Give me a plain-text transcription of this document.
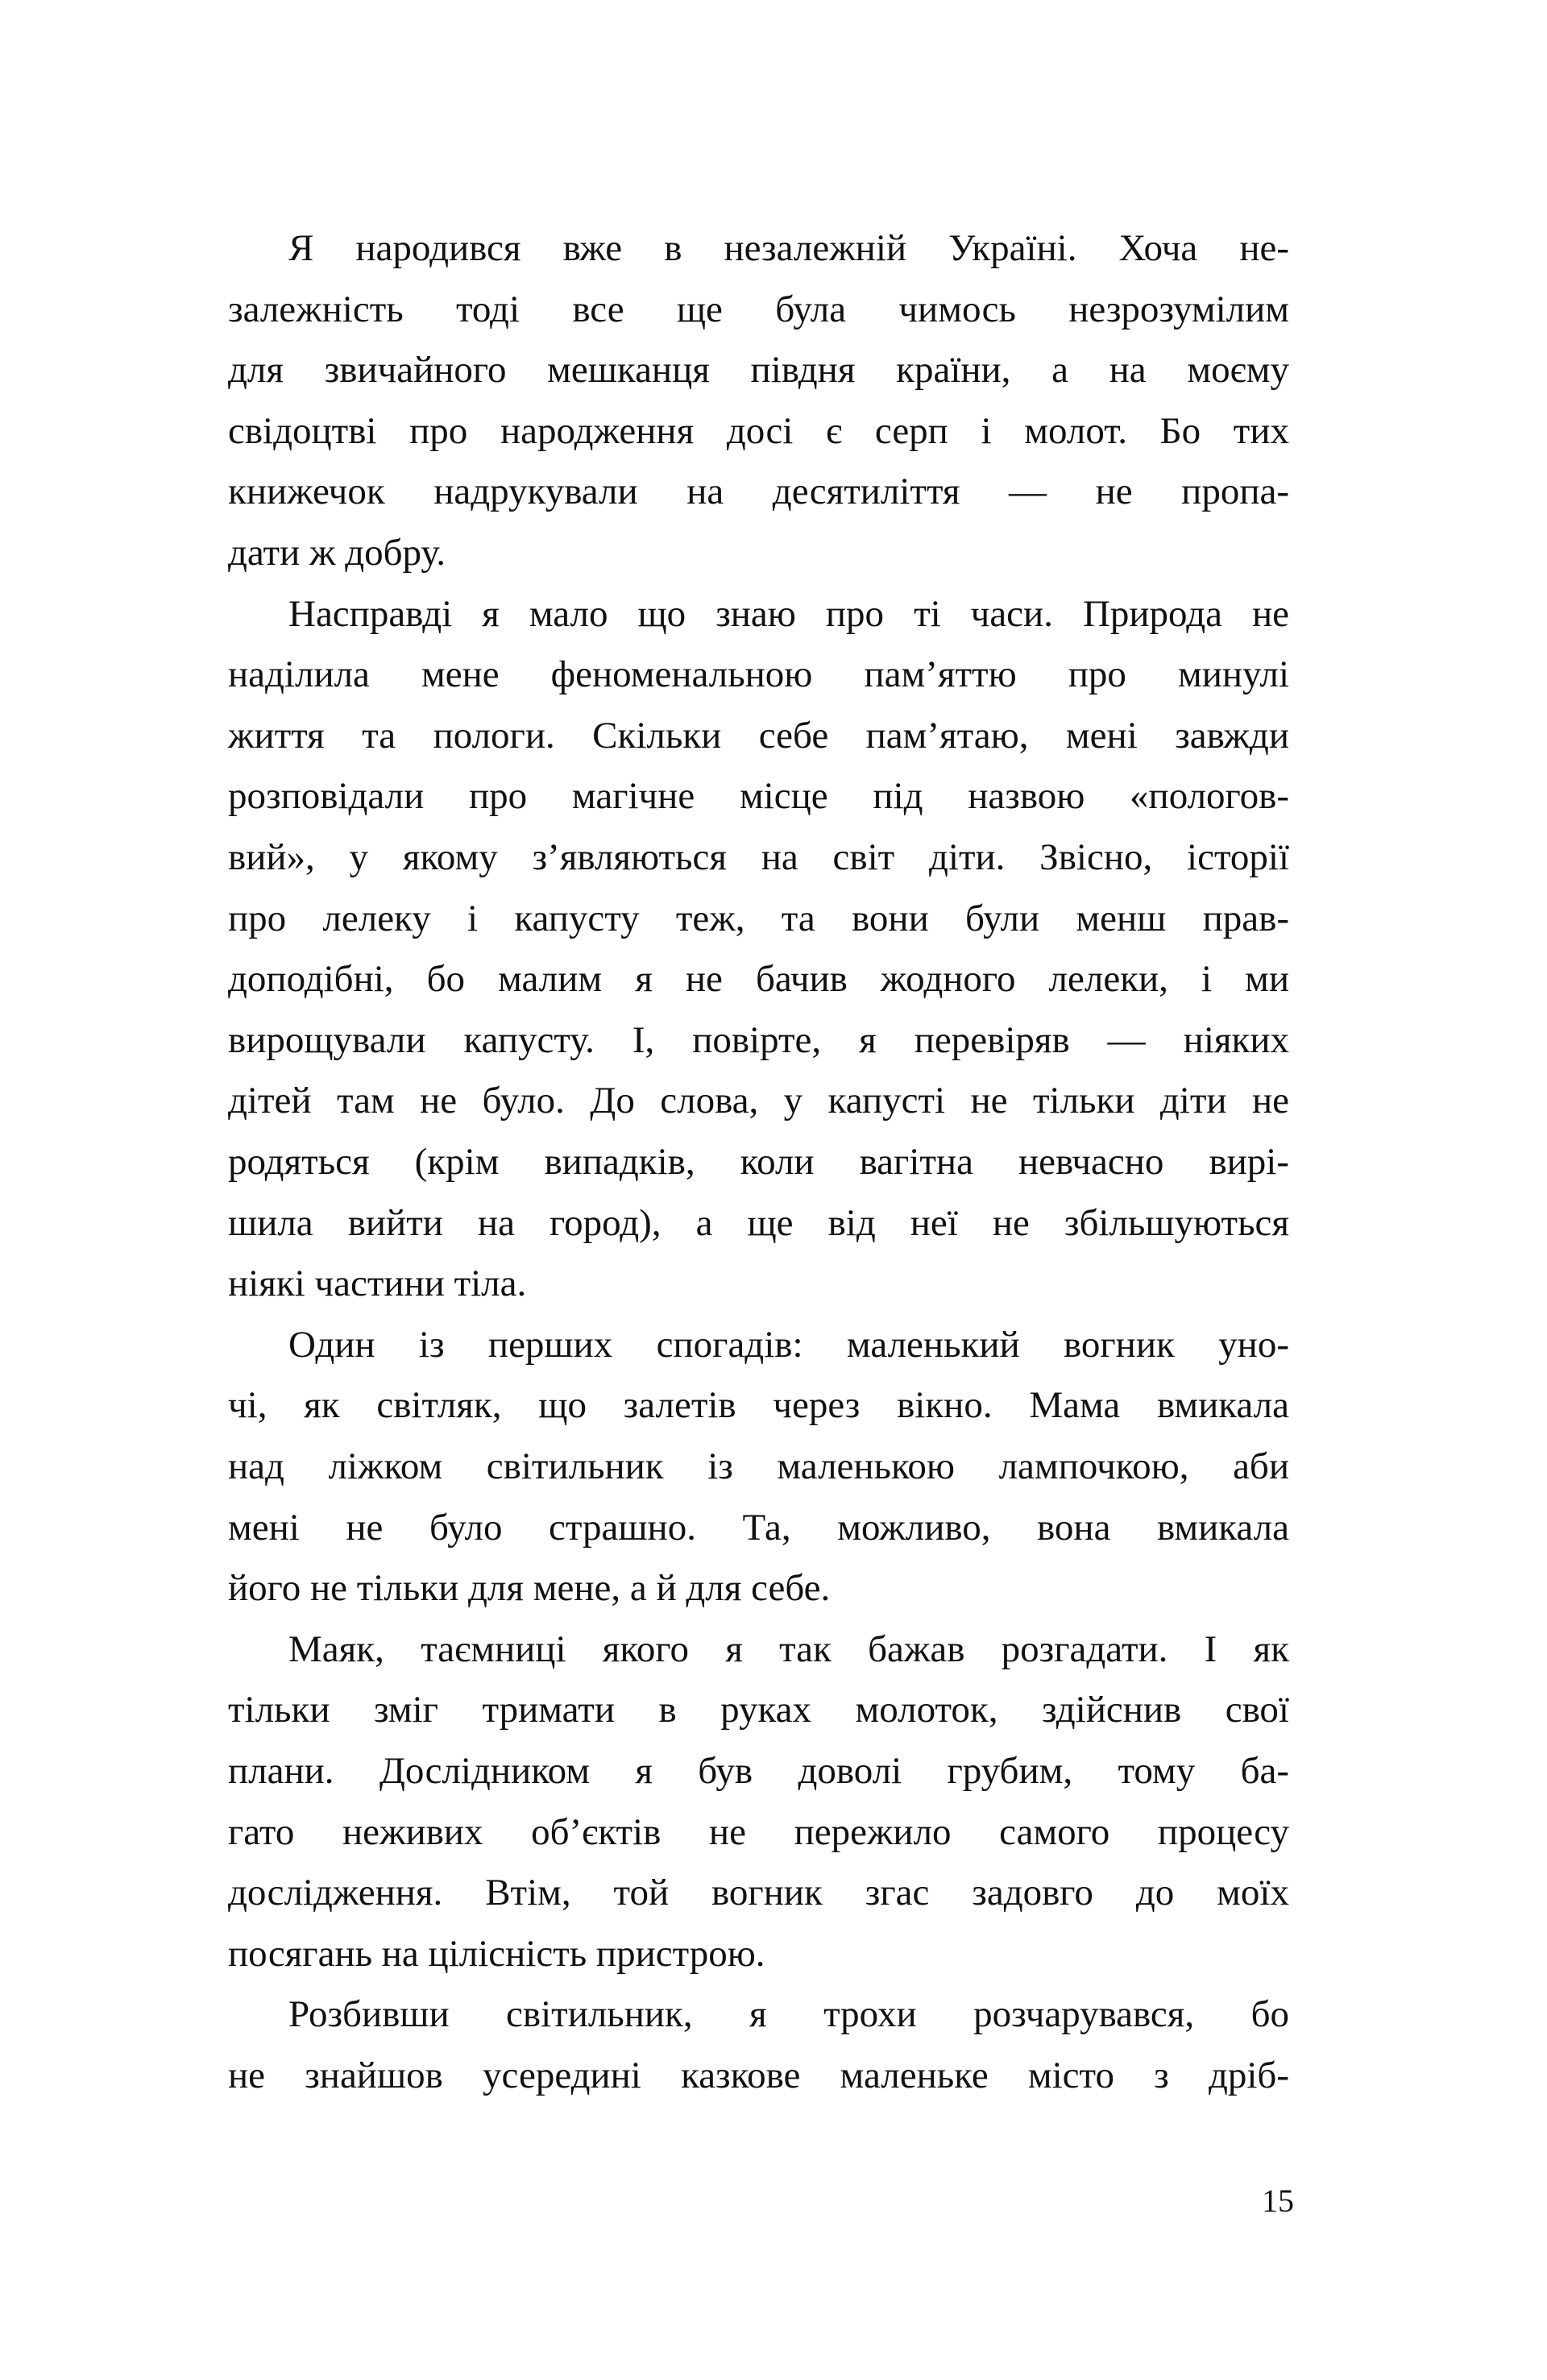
Я народився вже в незалежній Україні. Хоча не-
залежність тоді все ще була чимось незрозумілим
для звичайного мешканця півдня країни, а на моєму
свідоцтві про народження досі є серп і молот. Бо тих
книжечок надрукували на десятиліття — не пропа-
дати ж добру.
Насправді я мало що знаю про ті часи. Природа не
наділила мене феноменальною пам’яттю про минулі
життя та пологи. Скільки себе пам’ятаю, мені завжди
розповідали про магічне місце під назвою «пологов-
вий», у якому з’являються на світ діти. Звісно, історії
про лелеку і капусту теж, та вони були менш прав-
доподібні, бо малим я не бачив жодного лелеки, і ми
вирощували капусту. І, повірте, я перевіряв — ніяких
дітей там не було. До слова, у капусті не тільки діти не
родяться (крім випадків, коли вагітна невчасно вирі-
шила вийти на город), а ще від неї не збільшуються
ніякі частини тіла.
Один із перших спогадів: маленький вогник уно-
чі, як світляк, що залетів через вікно. Мама вмикала
над ліжком світильник із маленькою лампочкою, аби
мені не було страшно. Та, можливо, вона вмикала
його не тільки для мене, а й для себе.
Маяк, таємниці якого я так бажав розгадати. І як
тільки зміг тримати в руках молоток, здійснив свої
плани. Дослідником я був доволі грубим, тому ба-
гато неживих об’єктів не пережило самого процесу
дослідження. Втім, той вогник згас задовго до моїх
посягань на цілісність пристрою.
Розбивши світильник, я трохи розчарувався, бо
не знайшов усередині казкове маленьке місто з дріб-
15
